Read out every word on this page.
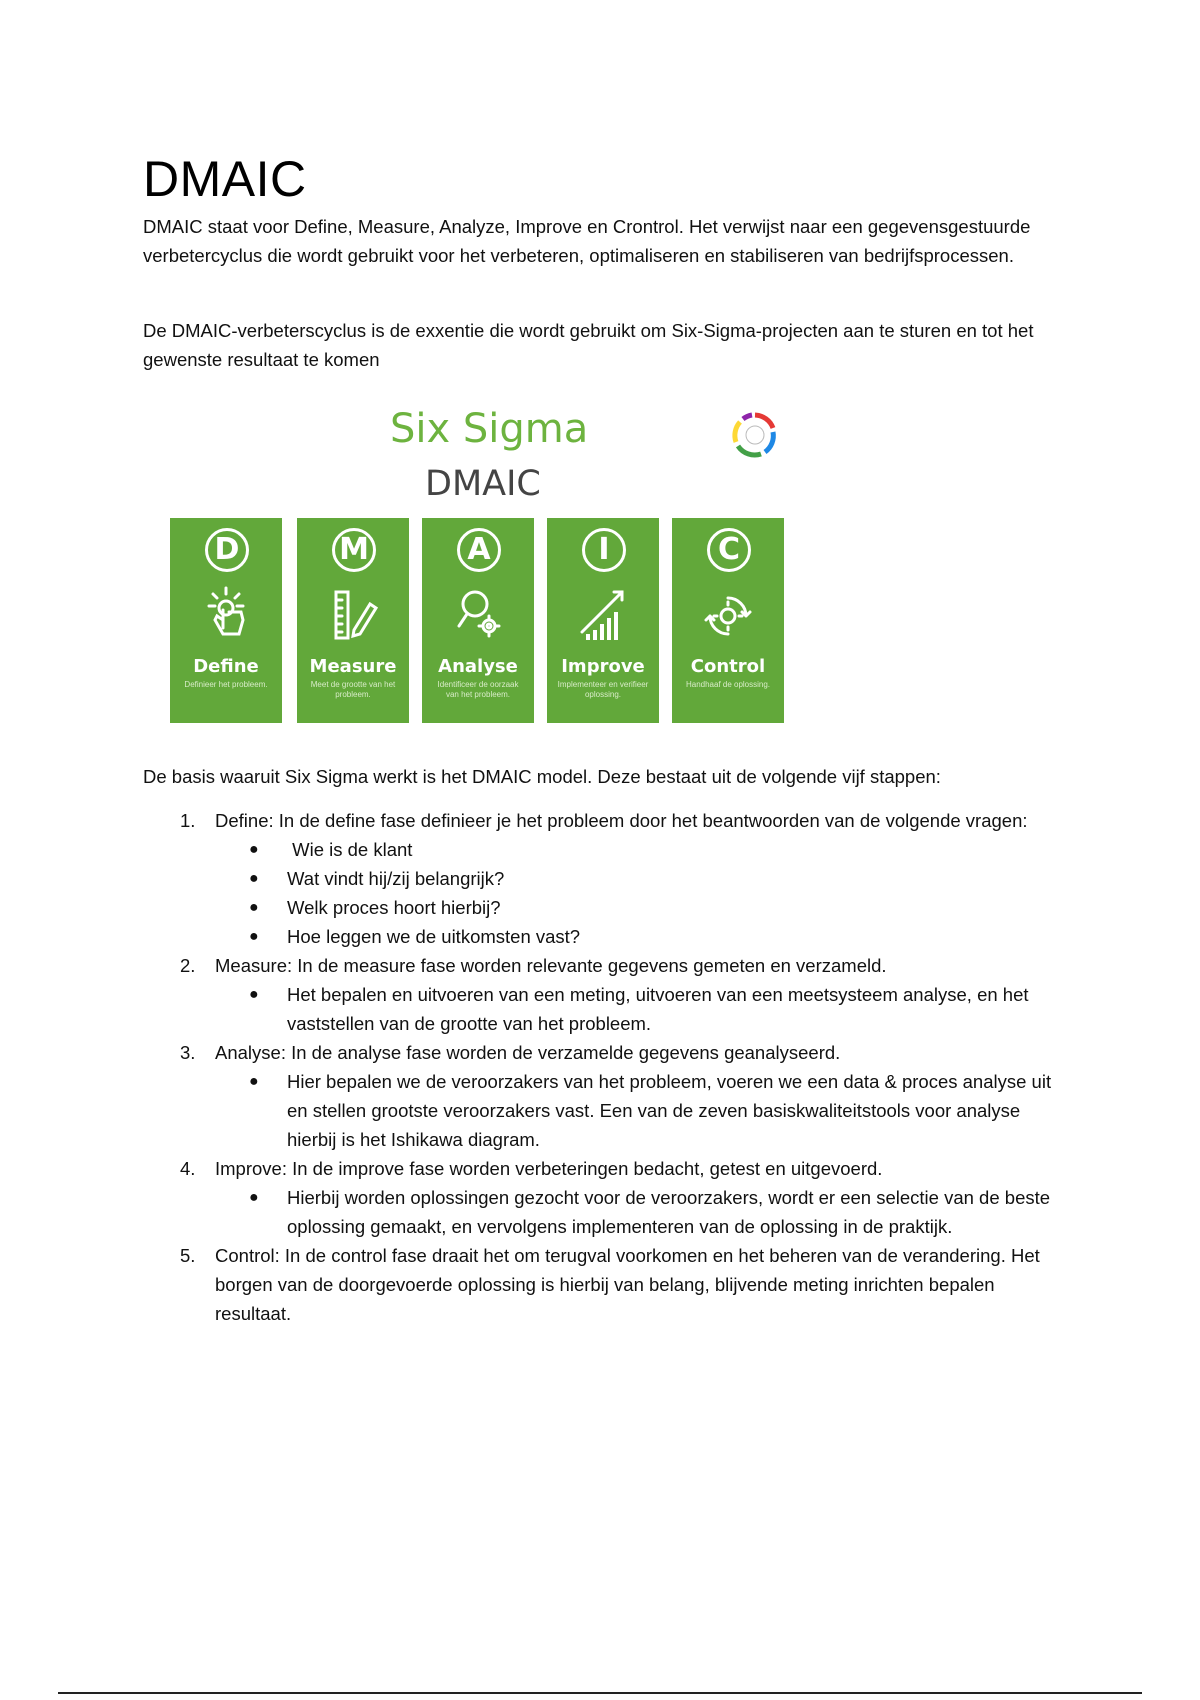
DMAIC

DMAIC staat voor Define, Measure, Analyze, Improve en Crontrol. Het verwijst naar een gegevensgestuurde verbetercyclus die wordt gebruikt voor het verbeteren, optimaliseren en stabiliseren van bedrijfsprocessen.

De DMAIC-verbeterscyclus is de exxentie die wordt gebruikt om Six-Sigma-projecten aan te sturen en tot het gewenste resultaat te komen

Six Sigma
DMAIC
D
Define
Definieer het probleem.
M
Measure
Meet de grootte van het probleem.
A
Analyse
Identificeer de oorzaak van het probleem.
I
Improve
Implementeer en verifieer oplossing.
C
Control
Handhaaf de oplossing.

De basis waaruit Six Sigma werkt is het DMAIC model. Deze bestaat uit de volgende vijf stappen:

1. Define: In de define fase definieer je het probleem door het beantwoorden van de volgende vragen:
● Wie is de klant
● Wat vindt hij/zij belangrijk?
● Welk proces hoort hierbij?
● Hoe leggen we de uitkomsten vast?
2. Measure: In de measure fase worden relevante gegevens gemeten en verzameld.
● Het bepalen en uitvoeren van een meting, uitvoeren van een meetsysteem analyse, en het vaststellen van de grootte van het probleem.
3. Analyse: In de analyse fase worden de verzamelde gegevens geanalyseerd.
● Hier bepalen we de veroorzakers van het probleem, voeren we een data & proces analyse uit en stellen grootste veroorzakers vast. Een van de zeven basiskwaliteitstools voor analyse hierbij is het Ishikawa diagram.
4. Improve: In de improve fase worden verbeteringen bedacht, getest en uitgevoerd.
● Hierbij worden oplossingen gezocht voor de veroorzakers, wordt er een selectie van de beste oplossing gemaakt, en vervolgens implementeren van de oplossing in de praktijk.
5. Control: In de control fase draait het om terugval voorkomen en het beheren van de verandering. Het borgen van de doorgevoerde oplossing is hierbij van belang, blijvende meting inrichten bepalen resultaat.
